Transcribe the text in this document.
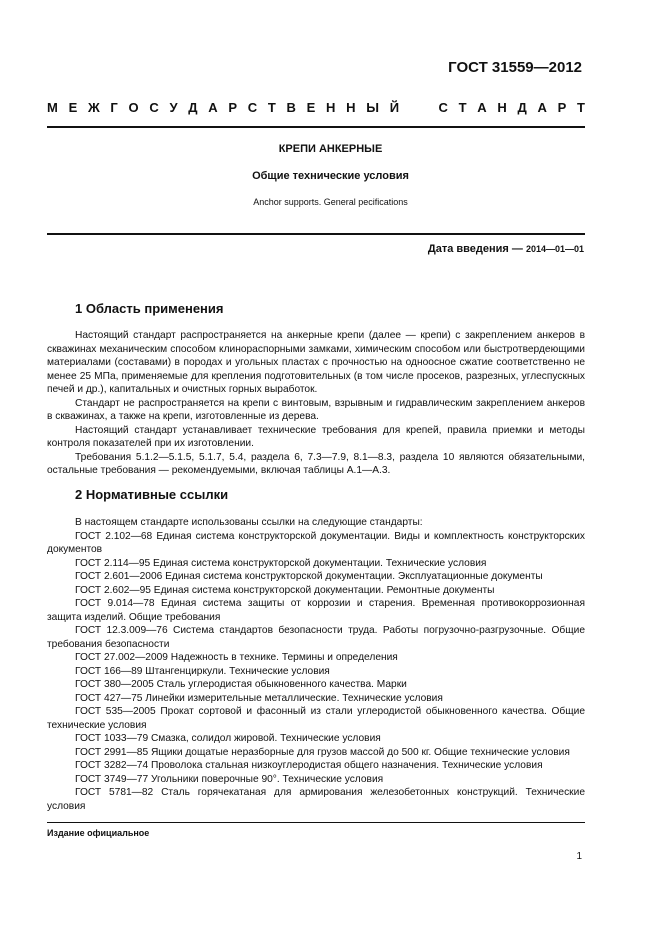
ГОСТ 31559—2012
М Е Ж Г О С У Д А Р С Т В Е Н Н Ы Й

	С Т А Н Д А Р Т
КРЕПИ АНКЕРНЫЕ
Общие технические условия
Anchor supports. General pecifications
Дата введения — 2014—01—01
1 Область применения

Настоящий стандарт распространяется на анкерные крепи (далее — крепи) с закреплением анкеров в скважинах механическим способом клинораспорными замками, химическим способом или быстротвердеющими материалами (составами) в породах и угольных пластах с прочностью на одноосное сжатие соответственно не менее 25 МПа, применяемые для крепления подготовительных (в том числе просеков, разрезных, углеспускных печей и др.), капитальных и очистных горных выработок.

Стандарт не распространяется на крепи с винтовым, взрывным и гидравлическим закреплением анкеров в скважинах, а также на крепи, изготовленные из дерева.

Настоящий стандарт устанавливает технические требования для крепей, правила приемки и методы контроля показателей при их изготовлении.

Требования 5.1.2—5.1.5, 5.1.7, 5.4, раздела 6, 7.3—7.9, 8.1—8.3, раздела 10 являются обязательными, остальные требования — рекомендуемыми, включая таблицы А.1—А.3.

2 Нормативные ссылки

В настоящем стандарте использованы ссылки на следующие стандарты:

ГОСТ 2.102—68 Единая система конструкторской документации. Виды и комплектность конструкторских документов

ГОСТ 2.114—95 Единая система конструкторской документации. Технические условия

ГОСТ 2.601—2006 Единая система конструкторской документации. Эксплуатационные документы

ГОСТ 2.602—95 Единая система конструкторской документации. Ремонтные документы

ГОСТ 9.014—78 Единая система защиты от коррозии и старения. Временная противокоррозионная защита изделий. Общие требования

ГОСТ 12.3.009—76 Система стандартов безопасности труда. Работы погрузочно-разгрузочные. Общие требования безопасности

ГОСТ 27.002—2009 Надежность в технике. Термины и определения

ГОСТ 166—89 Штангенциркули. Технические условия

ГОСТ 380—2005 Сталь углеродистая обыкновенного качества. Марки

ГОСТ 427—75 Линейки измерительные металлические. Технические условия

ГОСТ 535—2005 Прокат сортовой и фасонный из стали углеродистой обыкновенного качества. Общие технические условия

ГОСТ 1033—79 Смазка, солидол жировой. Технические условия

ГОСТ 2991—85 Ящики дощатые неразборные для грузов массой до 500 кг. Общие технические условия

ГОСТ 3282—74 Проволока стальная низкоуглеродистая общего назначения. Технические условия

ГОСТ 3749—77 Угольники поверочные 90°. Технические условия

ГОСТ 5781—82 Сталь горячекатаная для армирования железобетонных конструкций. Технические условия

Издание официальное
1
